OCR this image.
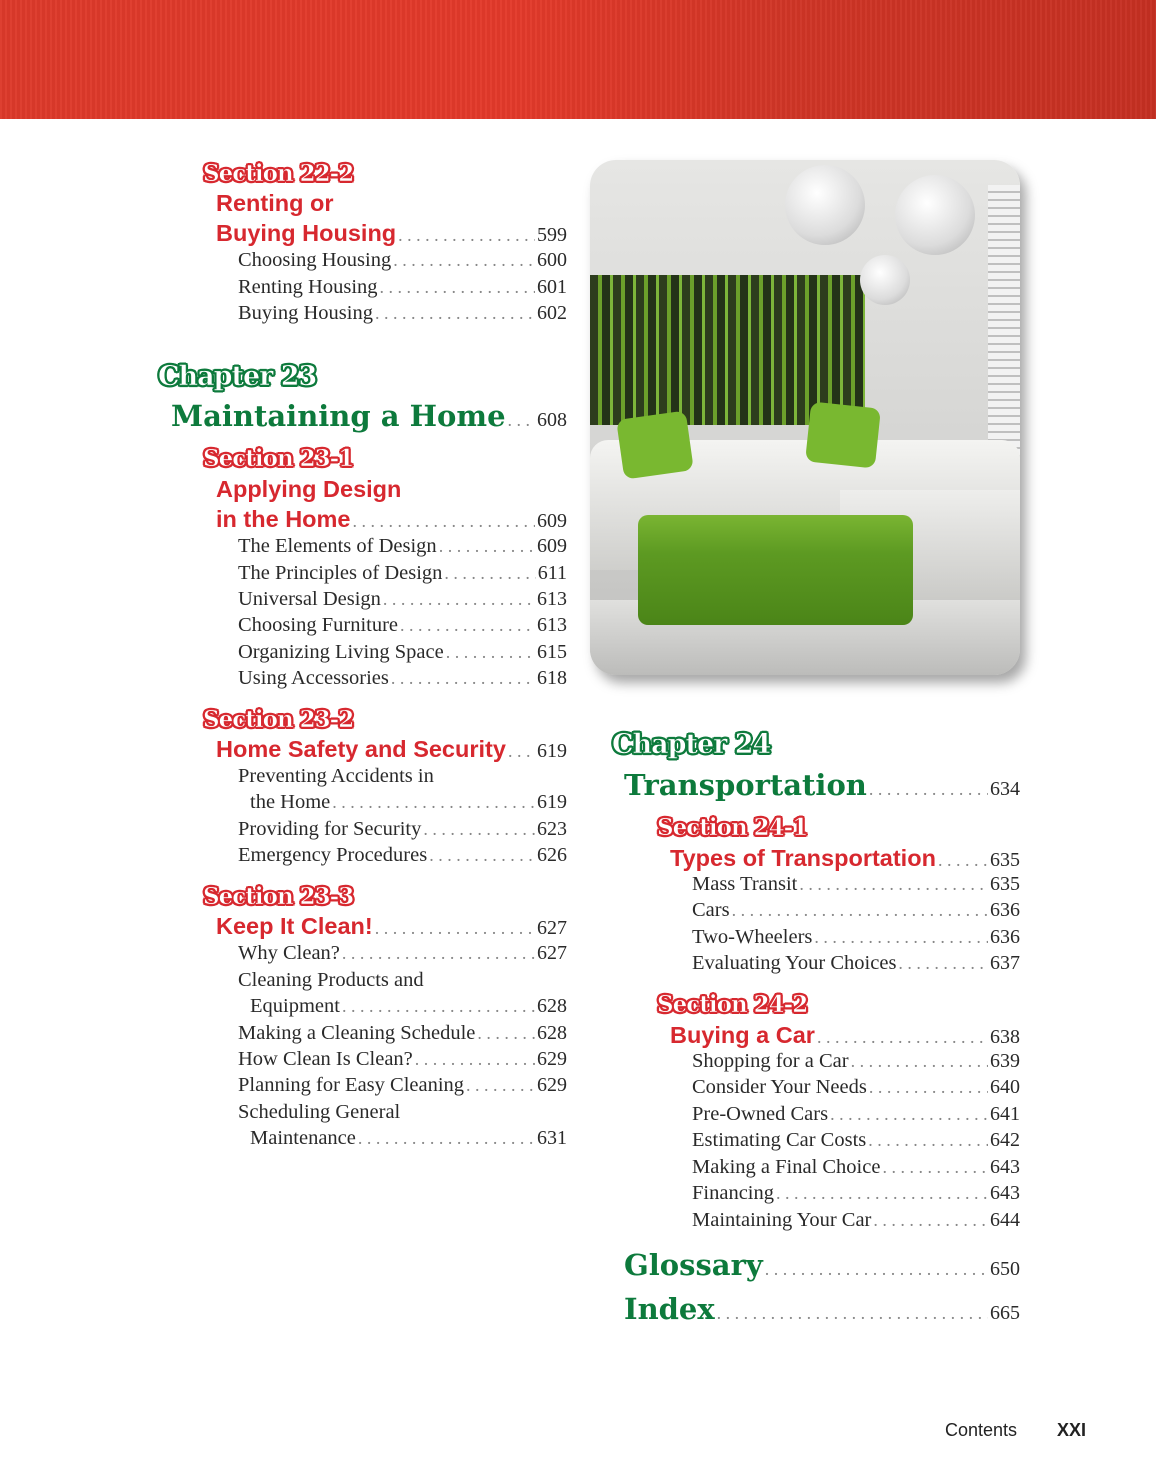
Section 22-2
Renting or
Buying Housing . . .	599
Choosing Housing . . .	600
Renting Housing . . .	601
Buying Housing . . .	602
Chapter 23
Maintaining a Home . . . 608
Section 23-1
Applying Design
in the Home . . .	609
The Elements of Design . . .	609
The Principles of Design . . .	611
Universal Design . . .	613
Choosing Furniture . . .	613
Organizing Living Space . . .	615
Using Accessories . . .	618
Section 23-2
Home Safety and Security . . . 619
Preventing Accidents in
the Home . . .	619
Providing for Security . . .	623
Emergency Procedures . . .	626
Section 23-3
Keep It Clean! . . .	627
Why Clean? . . .	627
Cleaning Products and
Equipment . . .	628
Making a Cleaning Schedule . . .	628
How Clean Is Clean? . . .	629
Planning for Easy Cleaning . . .	629
Scheduling General
Maintenance . . .	631
Chapter 24
Transportation . . .	634
Section 24-1
Types of Transportation . . .	635
Mass Transit . . .	635
Cars . . .	636
Two-Wheelers . . .	636
Evaluating Your Choices . . .	637
Section 24-2
Buying a Car . . .	638
Shopping for a Car . . .	639
Consider Your Needs . . .	640
Pre-Owned Cars . . .	641
Estimating Car Costs . . .	642
Making a Final Choice . . .	643
Financing . . .	643
Maintaining Your Car . . .	644
Glossary . . .	650
Index . . .	665
Contents XXI
